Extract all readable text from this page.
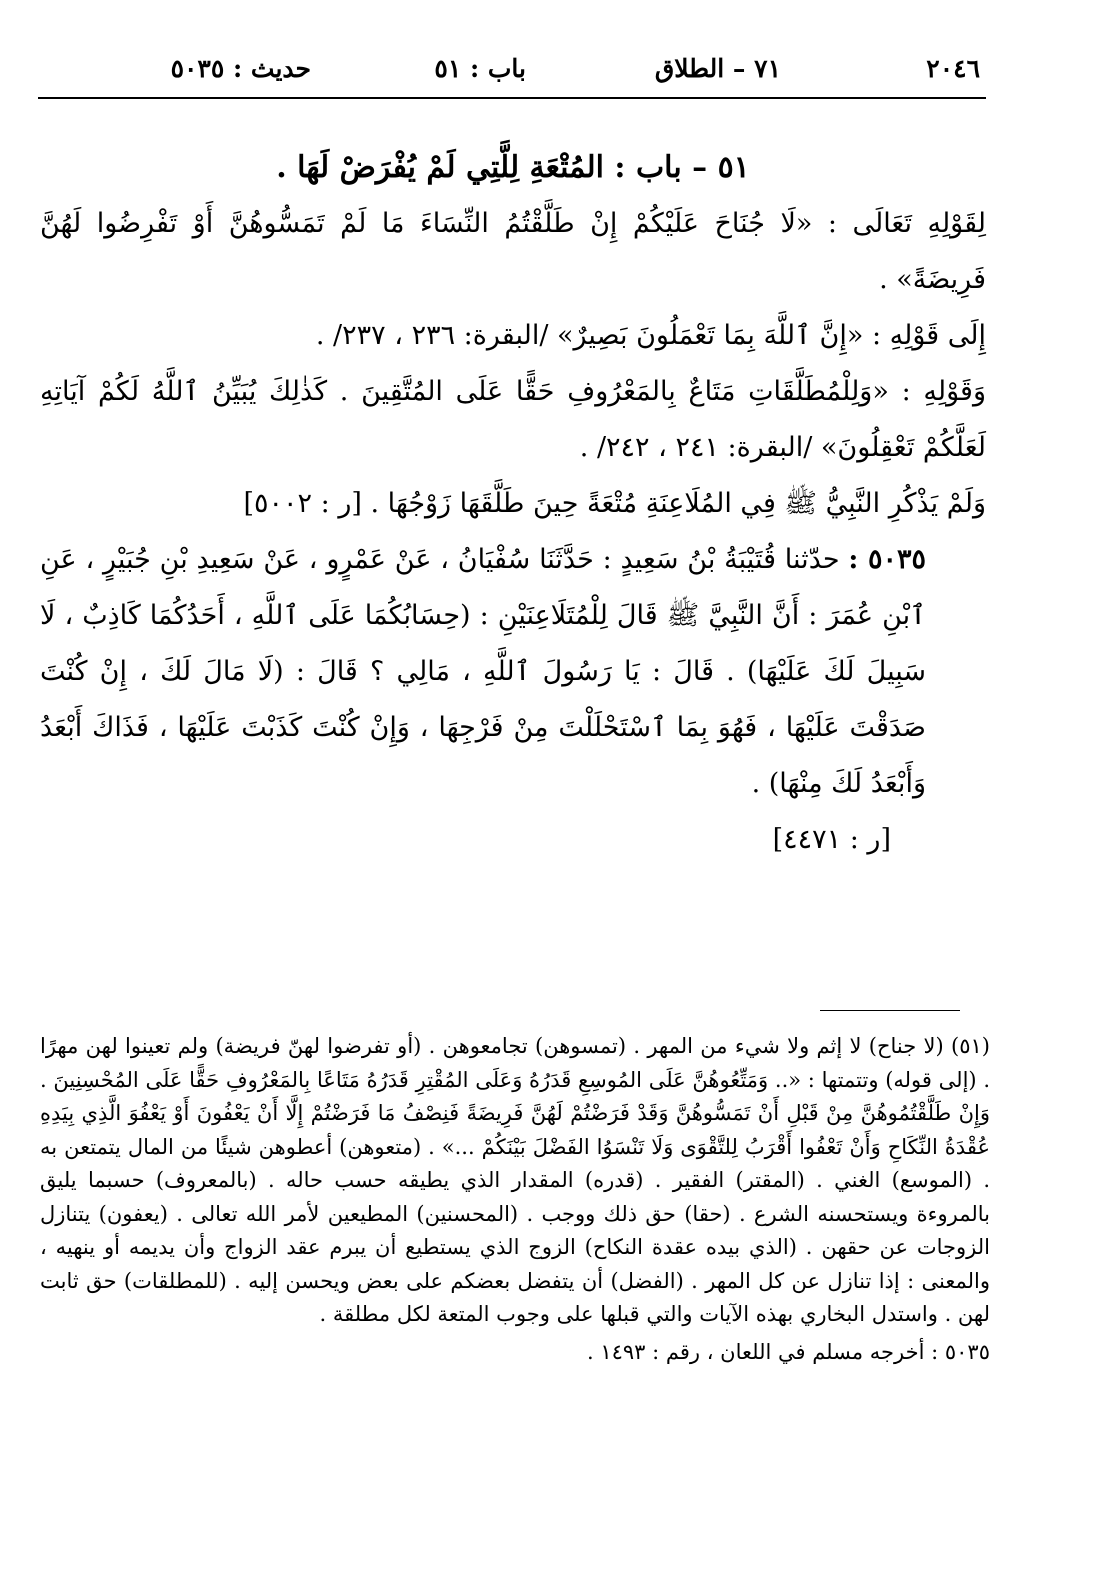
٢٠٤٦
٧١ – الطلاق
باب : ٥١
حديث : ٥٠٣٥

٥١ – باب : المُتْعَةِ لِلَّتِي لَمْ يُفْرَضْ لَهَا .

لِقَوْلِهِ تَعَالَى : «لَا جُنَاحَ عَلَيْكُمْ إِنْ طَلَّقْتُمُ النِّسَاءَ مَا لَمْ تَمَسُّوهُنَّ أَوْ تَفْرِضُوا لَهُنَّ فَرِيضَةً» .

إِلَى قَوْلِهِ : «إِنَّ ٱللَّهَ بِمَا تَعْمَلُونَ بَصِيرٌ» /البقرة: ٢٣٦ ، ٢٣٧/ .

وَقَوْلِهِ : «وَلِلْمُطَلَّقَاتِ مَتَاعٌ بِالمَعْرُوفِ حَقًّا عَلَى المُتَّقِينَ . كَذٰلِكَ يُبَيِّنُ ٱللَّهُ لَكُمْ آيَاتِهِ لَعَلَّكُمْ تَعْقِلُونَ» /البقرة: ٢٤١ ، ٢٤٢/ .

وَلَمْ يَذْكُرِ النَّبِيُّ ﷺ فِي المُلَاعِنَةِ مُتْعَةً حِينَ طَلَّقَهَا زَوْجُهَا . [ر : ٥٠٠٢]

٥٠٣٥ : حدّثنا قُتَيْبَةُ بْنُ سَعِيدٍ : حَدَّثَنَا سُفْيَانُ ، عَنْ عَمْرٍو ، عَنْ سَعِيدِ بْنِ جُبَيْرٍ ، عَنِ ٱبْنِ عُمَرَ : أَنَّ النَّبِيَّ ﷺ قَالَ لِلْمُتَلَاعِنَيْنِ : (حِسَابُكُمَا عَلَى ٱللَّهِ ، أَحَدُكُمَا كَاذِبٌ ، لَا سَبِيلَ لَكَ عَلَيْهَا) . قَالَ : يَا رَسُولَ ٱللَّهِ ، مَالِي ؟ قَالَ : (لَا مَالَ لَكَ ، إِنْ كُنْتَ صَدَقْتَ عَلَيْهَا ، فَهُوَ بِمَا ٱسْتَحْلَلْتَ مِنْ فَرْجِهَا ، وَإِنْ كُنْتَ كَذَبْتَ عَلَيْهَا ، فَذَاكَ أَبْعَدُ وَأَبْعَدُ لَكَ مِنْهَا) .

[ر : ٤٤٧١]

(٥١) (لا جناح) لا إثم ولا شيء من المهر . (تمسوهن) تجامعوهن . (أو تفرضوا لهنّ فريضة) ولم تعينوا لهن مهرًا . (إلى قوله) وتتمتها : «.. وَمَتِّعُوهُنَّ عَلَى المُوسِعِ قَدَرُهُ وَعَلَى المُقْتِرِ قَدَرُهُ مَتَاعًا بِالمَعْرُوفِ حَقًّا عَلَى المُحْسِنِينَ . وَإِنْ طَلَّقْتُمُوهُنَّ مِنْ قَبْلِ أَنْ تَمَسُّوهُنَّ وَقَدْ فَرَضْتُمْ لَهُنَّ فَرِيضَةً فَنِصْفُ مَا فَرَضْتُمْ إِلَّا أَنْ يَعْفُونَ أَوْ يَعْفُوَ الَّذِي بِيَدِهِ عُقْدَةُ النِّكَاحِ وَأَنْ تَعْفُوا أَقْرَبُ لِلتَّقْوَى وَلَا تَنْسَوُا الفَضْلَ بَيْنَكُمْ ...» . (متعوهن) أعطوهن شيئًا من المال يتمتعن به . (الموسع) الغني . (المقتر) الفقير . (قدره) المقدار الذي يطيقه حسب حاله . (بالمعروف) حسبما يليق بالمروءة ويستحسنه الشرع . (حقا) حق ذلك ووجب . (المحسنين) المطيعين لأمر الله تعالى . (يعفون) يتنازل الزوجات عن حقهن . (الذي بيده عقدة النكاح) الزوج الذي يستطيع أن يبرم عقد الزواج وأن يديمه أو ينهيه ، والمعنى : إذا تنازل عن كل المهر . (الفضل) أن يتفضل بعضكم على بعض ويحسن إليه . (للمطلقات) حق ثابت لهن . واستدل البخاري بهذه الآيات والتي قبلها على وجوب المتعة لكل مطلقة .

٥٠٣٥ : أخرجه مسلم في اللعان ، رقم : ١٤٩٣ .
